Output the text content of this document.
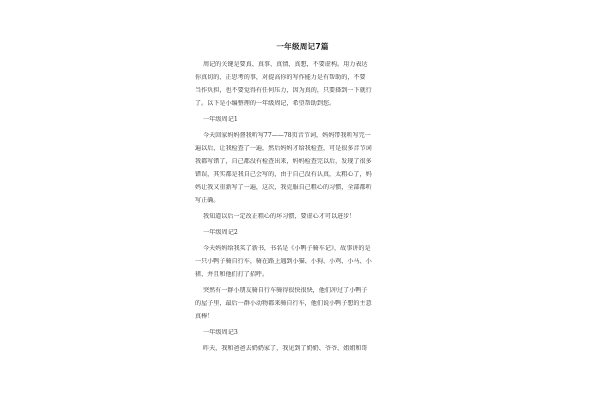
一年级周记7篇
周记的关键是要真、真事、真情、真想，不要虚构。用力表达
你真切的、正思考的事，对提高你的写作能力是有帮助的，不要
当作负担，也不要觉得有任何压力，因为真的，只要择到一下就行
了。以下是小编整理的一年级周记，希望帮助到您。
一年级周记1
今天回家妈妈督我听写77——78页音节词，妈妈带我听写完一
遍以后，让我检查了一遍，然后妈妈才给我检查，可是很多音节词
我都写错了，自己都没有检查出来，妈妈检查完以后，发现了很多
错误，其实都是我自己会写的，由于自己没有认真，太粗心了，妈
妈让我又重新写了一遍，这次，我克服自己粗心的习惯，全部都听
写正确。
我知道以后一定改正粗心的坏习惯，要虚心才可以进步！
一年级周记2
今天妈妈给我买了新书，书名是《小鸭子骑车记》，故事讲的是
一只小鸭子骑自行车，骑在路上遇到小猫、小狗、小鸡、小马、小
猪，并且和他们打了招呼。
突然有一群小朋友骑自行车骑得很快很快，他们冲过了小鸭子
的屋子里，最后一群小动物都来骑自行车，他们说小鸭子想的主意
真棒！
一年级周记3
昨天，我和爸爸去奶奶家了，我见到了奶奶、爷爷、姐姐和哥
